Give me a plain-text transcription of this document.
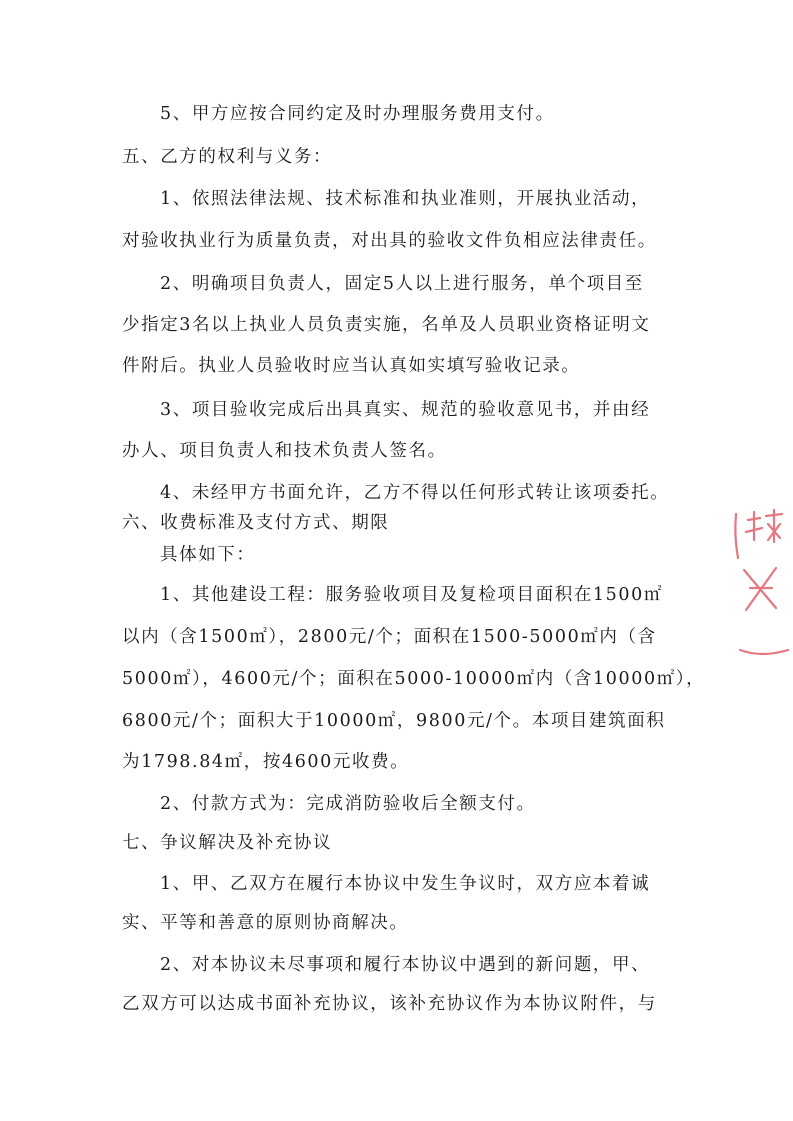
5、甲方应按合同约定及时办理服务费用支付。
五、乙方的权利与义务：
1、依照法律法规、技术标准和执业准则，开展执业活动，
对验收执业行为质量负责，对出具的验收文件负相应法律责任。
2、明确项目负责人，固定5人以上进行服务，单个项目至
少指定3名以上执业人员负责实施，名单及人员职业资格证明文
件附后。执业人员验收时应当认真如实填写验收记录。
3、项目验收完成后出具真实、规范的验收意见书，并由经
办人、项目负责人和技术负责人签名。
4、未经甲方书面允许，乙方不得以任何形式转让该项委托。
六、收费标准及支付方式、期限
具体如下：
1、其他建设工程：服务验收项目及复检项目面积在1500㎡
以内（含1500㎡），2800元/个；面积在1500-5000㎡内（含
5000㎡），4600元/个；面积在5000-10000㎡内（含10000㎡），
6800元/个；面积大于10000㎡，9800元/个。本项目建筑面积
为1798.84㎡，按4600元收费。
2、付款方式为：完成消防验收后全额支付。
七、争议解决及补充协议
1、甲、乙双方在履行本协议中发生争议时，双方应本着诚
实、平等和善意的原则协商解决。
2、对本协议未尽事项和履行本协议中遇到的新问题，甲、
乙双方可以达成书面补充协议，该补充协议作为本协议附件，与
